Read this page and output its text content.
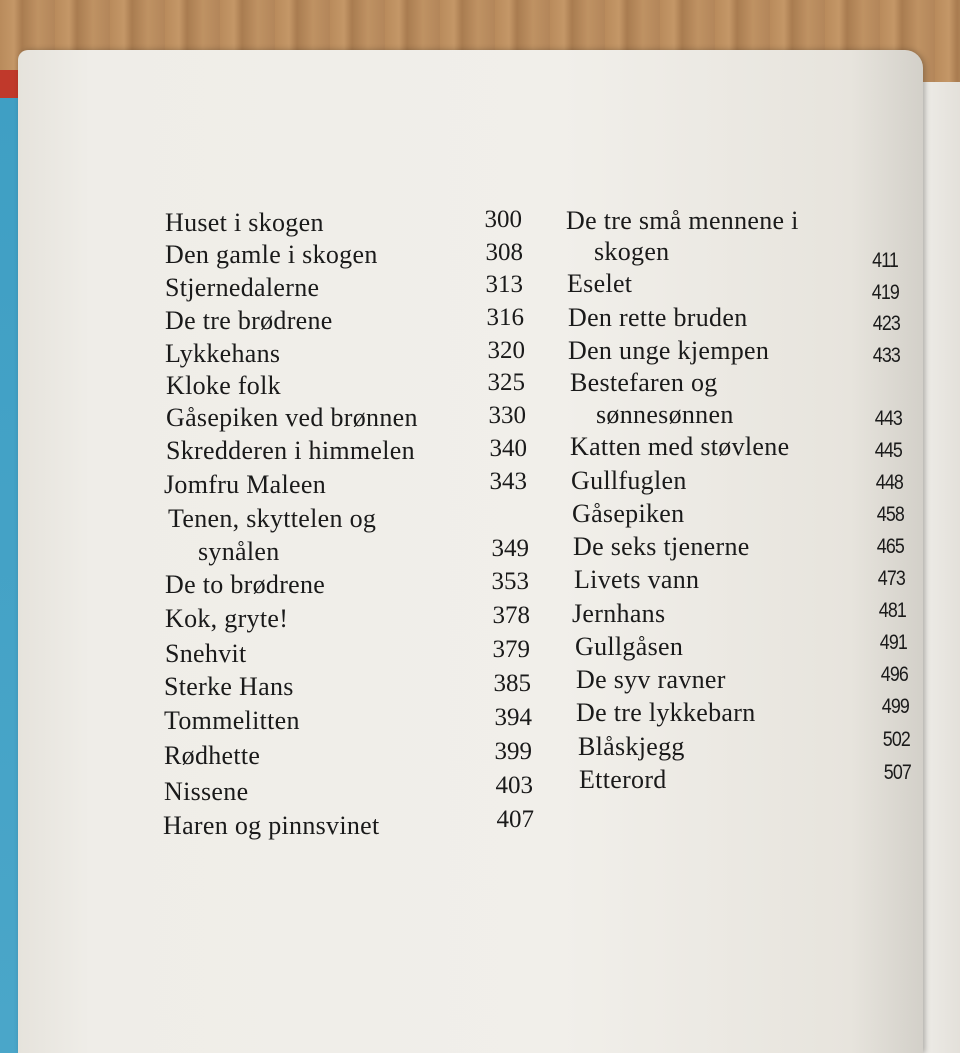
Huset i skogen
Den gamle i skogen
Stjernedalerne
De tre brødrene
Lykkehans
Kloke folk
Gåsepiken ved brønnen
Skredderen i himmelen
Jomfru Maleen
Tenen, skyttelen og
synålen
De to brødrene
Kok, gryte!
Snehvit
Sterke Hans
Tommelitten
Rødhette
Nissene
Haren og pinnsvinet
300
308
313
316
320
325
330
340
343
349
353
378
379
385
394
399
403
407
De tre små mennene i
skogen
Eselet
Den rette bruden
Den unge kjempen
Bestefaren og
sønnesønnen
Katten med støvlene
Gullfuglen
Gåsepiken
De seks tjenerne
Livets vann
Jernhans
Gullgåsen
De syv ravner
De tre lykkebarn
Blåskjegg
Etterord
411
419
423
433
443
445
448
458
465
473
481
491
496
499
502
507
